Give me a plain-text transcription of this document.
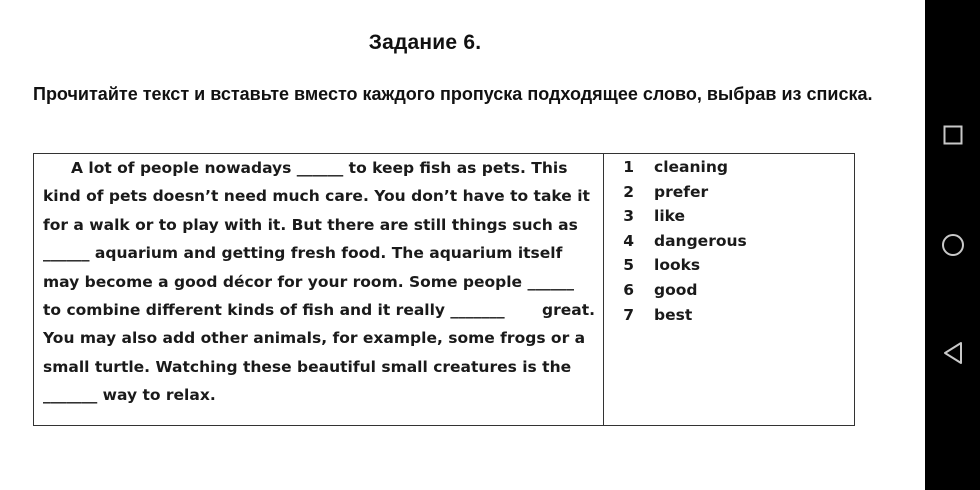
Задание 6.
Прочитайте текст и вставьте вместо каждого пропуска подходящее слово, выбрав из списка.
A lot of people nowadays ______ to keep fish as pets. This
kind of pets doesn’t need much care. You don’t have to take it
for a walk or to play with it. But there are still things such as
______ aquarium and getting fresh food. The aquarium itself
may become a good décor for your room. Some people ______
to combine different kinds of fish and it really _______ great.
You may also add other animals, for example, some frogs or a
small turtle. Watching these beautiful small creatures is the
_______ way to relax.
1	cleaning
2	prefer
3	like
4	dangerous
5	looks
6	good
7	best
